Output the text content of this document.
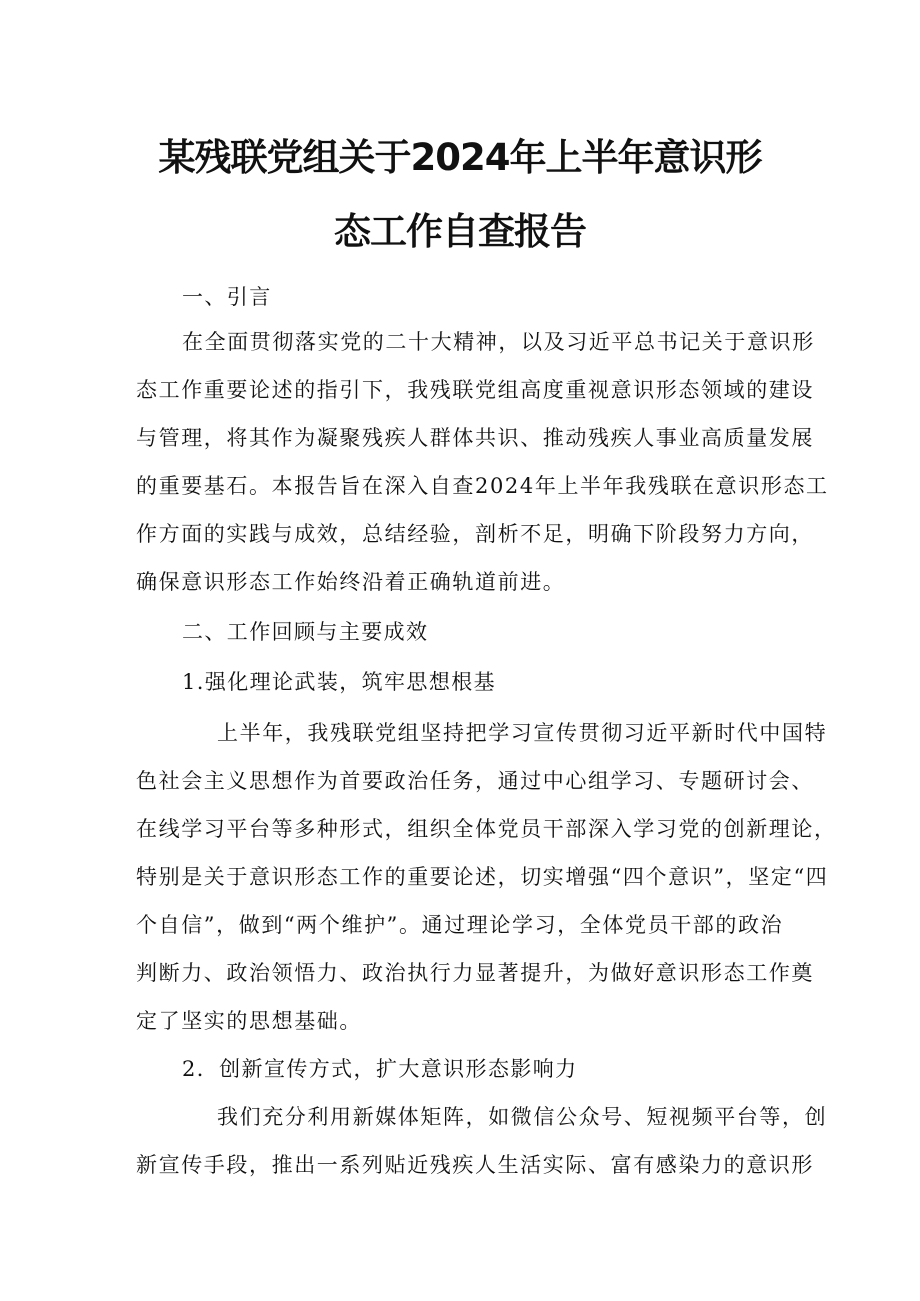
某残联党组关于2024年上半年意识形
态工作自查报告

一、引言

在全面贯彻落实党的二十大精神，以及习近平总书记关于意识形

态工作重要论述的指引下，我残联党组高度重视意识形态领域的建设

与管理，将其作为凝聚残疾人群体共识、推动残疾人事业高质量发展

的重要基石。本报告旨在深入自查2024年上半年我残联在意识形态工

作方面的实践与成效，总结经验，剖析不足，明确下阶段努力方向，

确保意识形态工作始终沿着正确轨道前进。

二、工作回顾与主要成效

1.强化理论武装，筑牢思想根基

上半年，我残联党组坚持把学习宣传贯彻习近平新时代中国特

色社会主义思想作为首要政治任务，通过中心组学习、专题研讨会、

在线学习平台等多种形式，组织全体党员干部深入学习党的创新理论，

特别是关于意识形态工作的重要论述，切实增强“四个意识”，坚定“四

个自信”，做到“两个维护”。通过理论学习，全体党员干部的政治

判断力、政治领悟力、政治执行力显著提升，为做好意识形态工作奠

定了坚实的思想基础。

2．创新宣传方式，扩大意识形态影响力

我们充分利用新媒体矩阵，如微信公众号、短视频平台等，创

新宣传手段，推出一系列贴近残疾人生活实际、富有感染力的意识形
